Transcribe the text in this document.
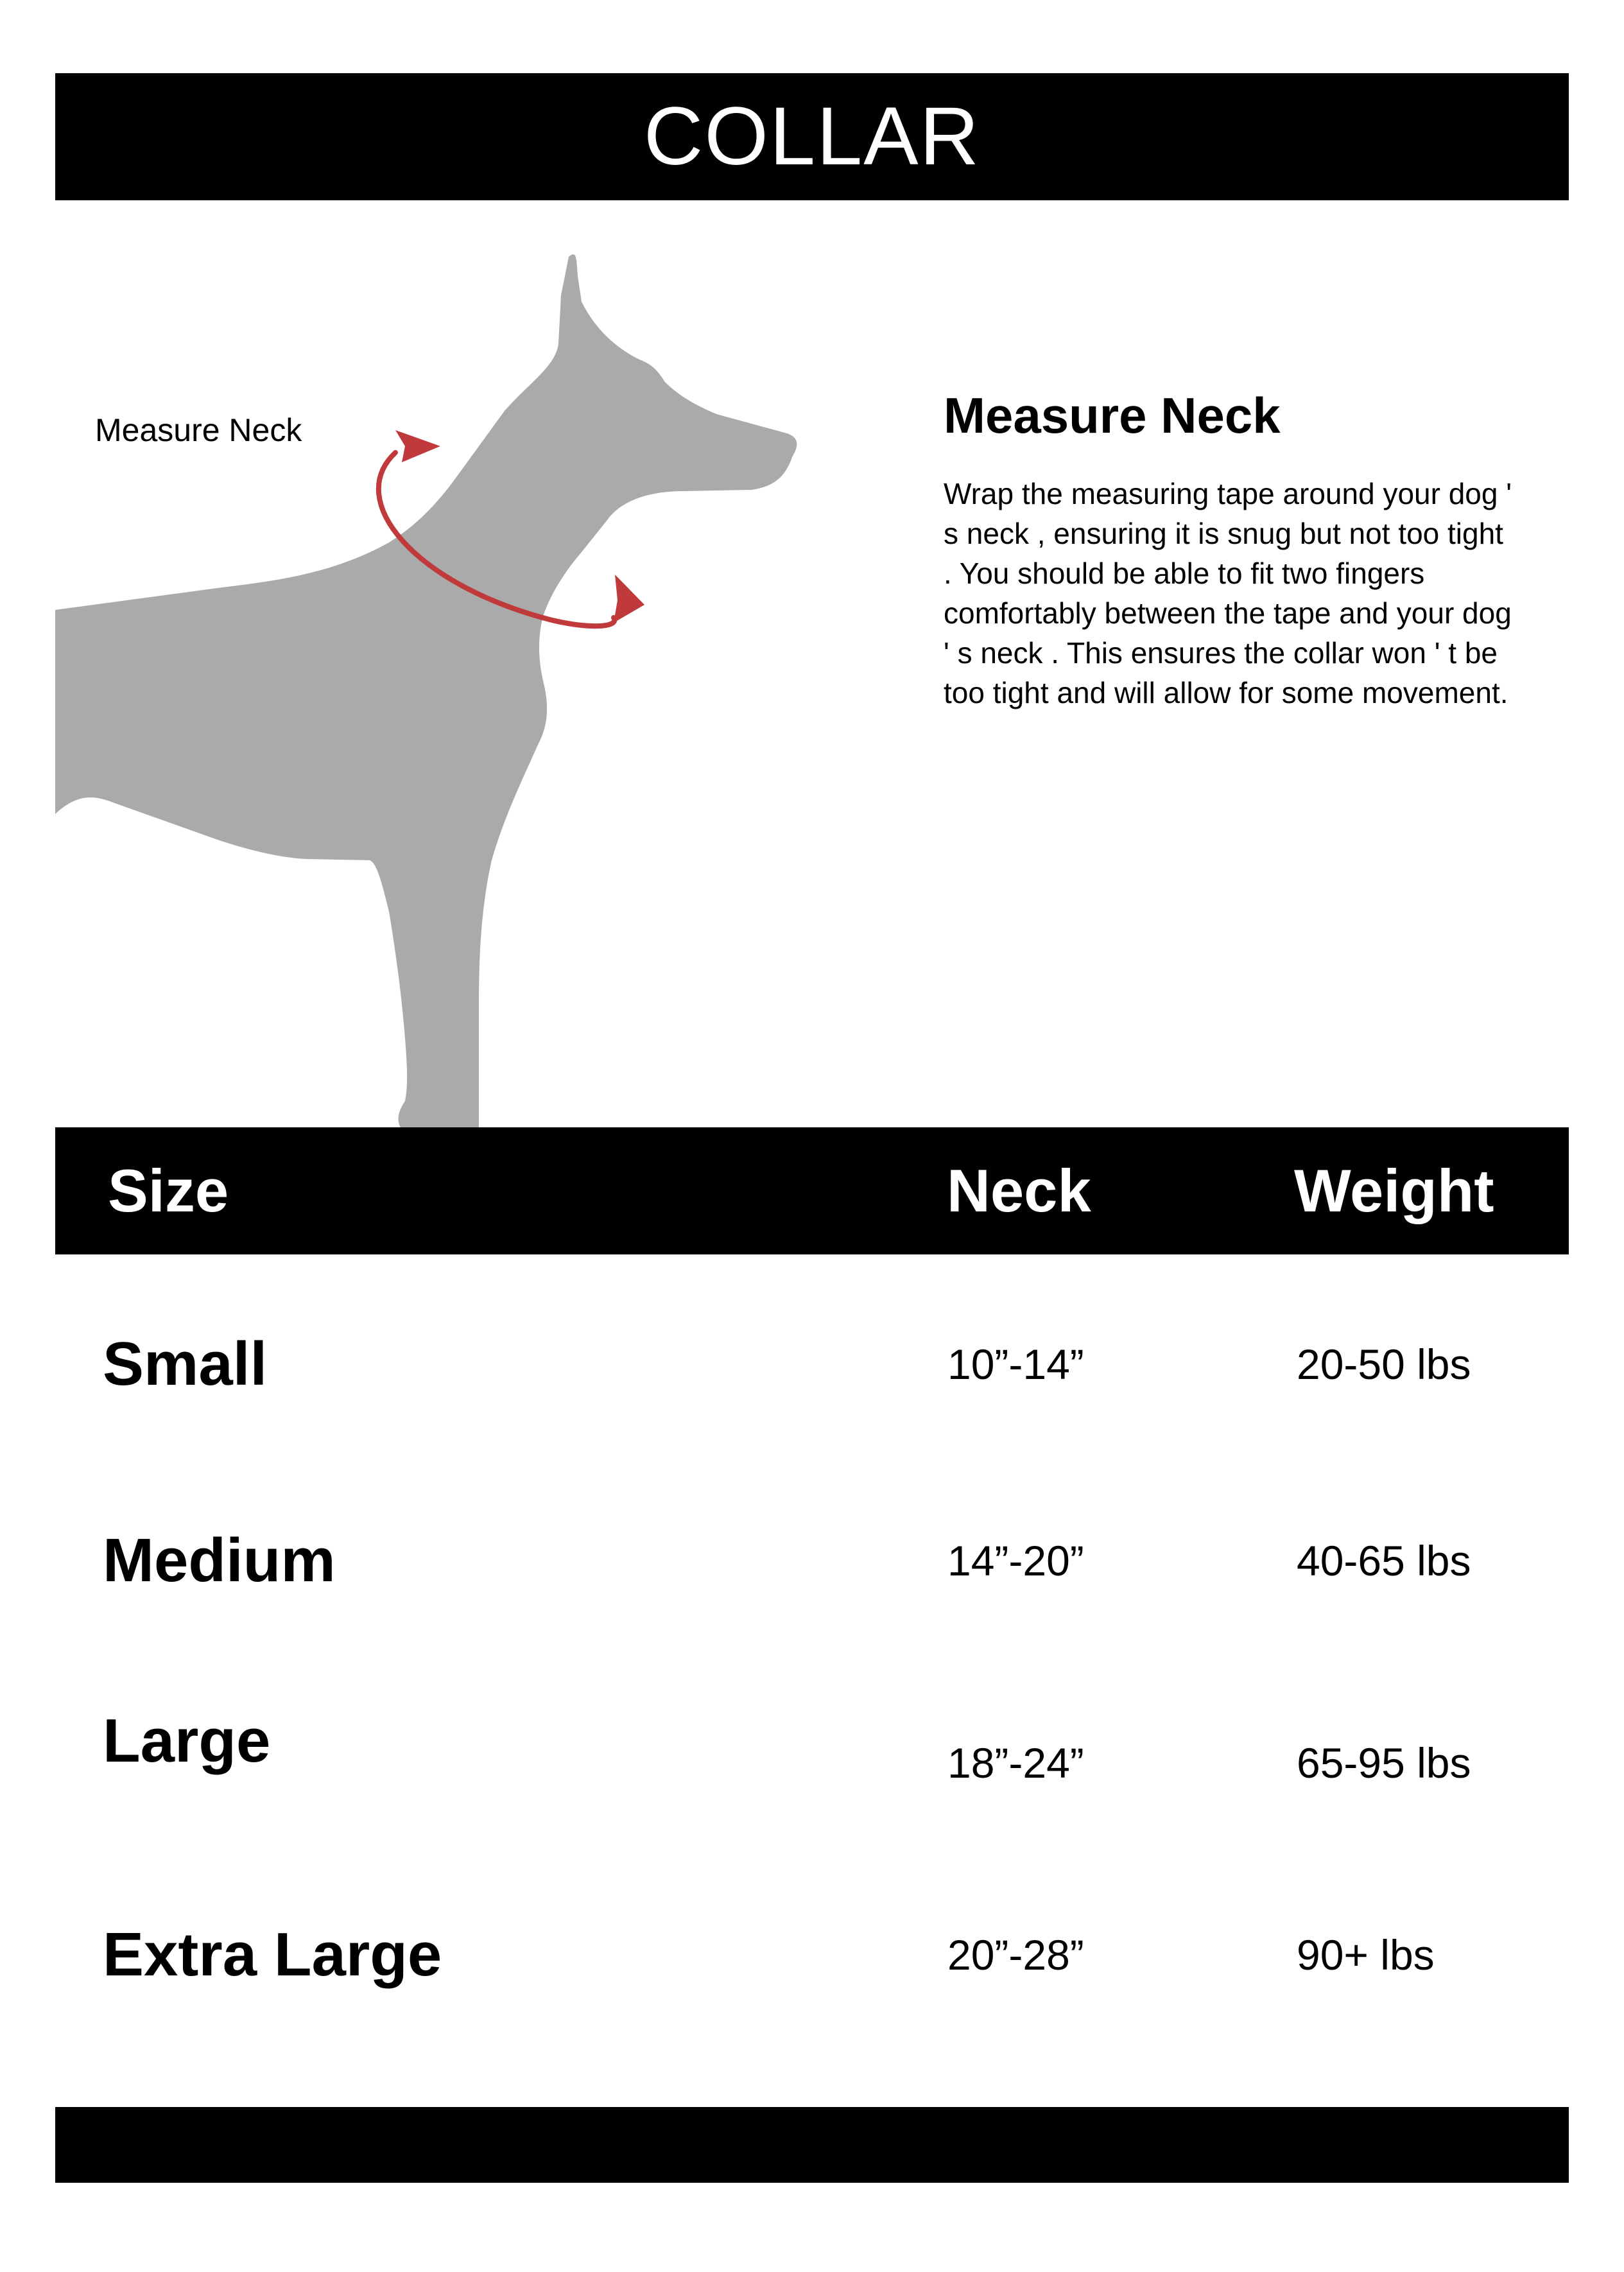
COLLAR
Measure Neck	Measure Neck

Wrap the measuring tape around your dog ' s neck , ensuring it is snug but not too tight . You should be able to fit two fingers comfortably between the tape and your dog ' s neck . This ensures the collar won ' t be too tight and will allow for some movement.

Size	Neck	Weight
Small	10”-14”	20-50 lbs
Medium	14”-20”	40-65 lbs
Large	18”-24”	65-95 lbs
Extra Large	20”-28”	90+ lbs
